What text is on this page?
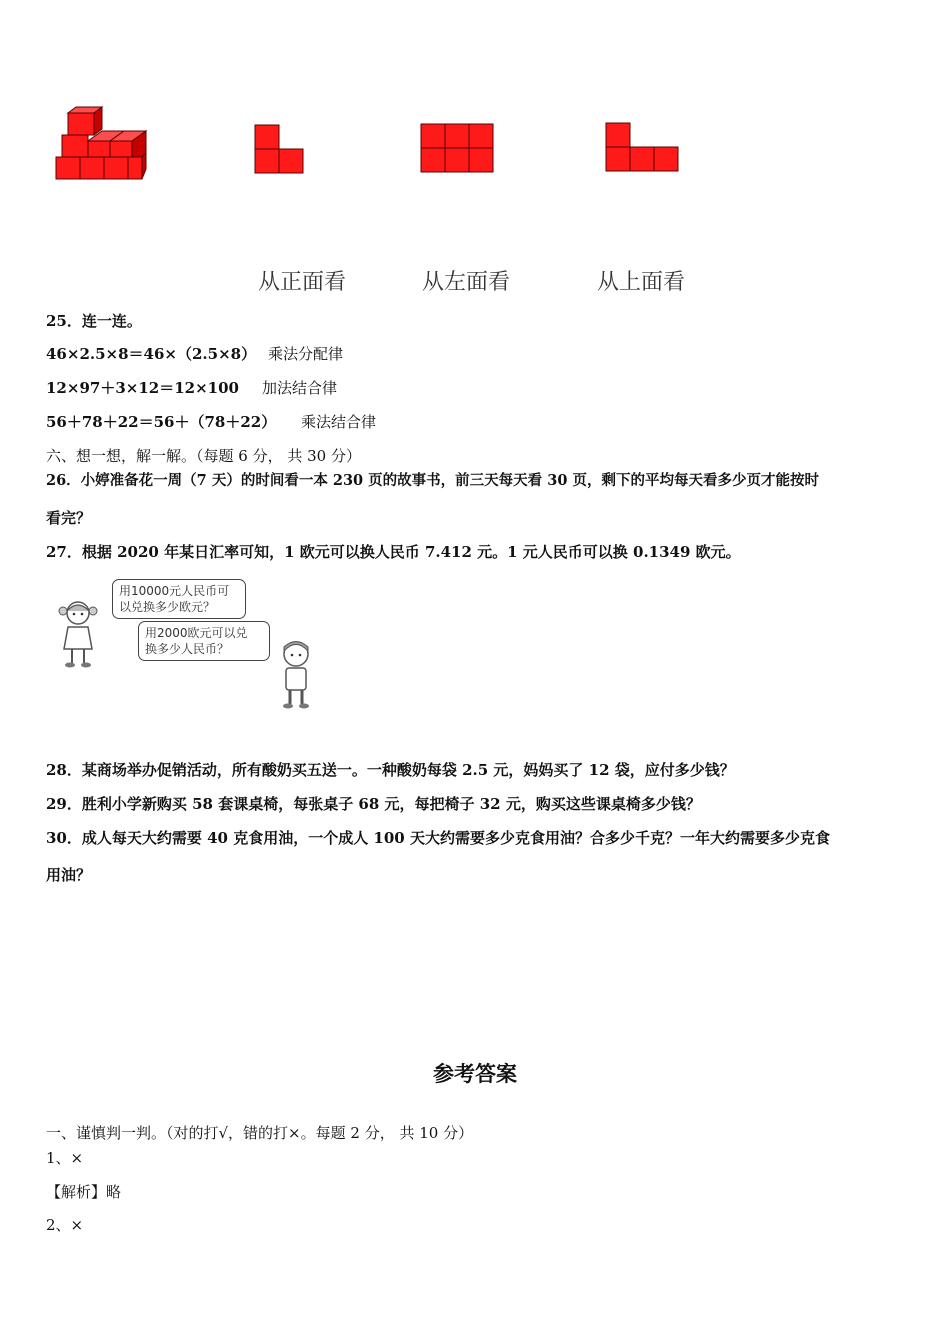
从正面看	从左面看	从上面看
25．连一连。
46×2.5×8＝46×（2.5×8） 乘法分配律
12×97＋3×12＝12×100 加法结合律
56＋78＋22＝56＋（78＋22） 乘法结合律
六、想一想，解一解。（每题 6 分， 共 30 分）
26．小婷准备花一周（7 天）的时间看一本 230 页的故事书，前三天每天看 30 页，剩下的平均每天看多少页才能按时
看完？
27．根据 2020 年某日汇率可知，1 欧元可以换人民币 7.412 元。1 元人民币可以换 0.1349 欧元。
用10000元人民币可
以兑换多少欧元？
用2000欧元可以兑
换多少人民币？
28．某商场举办促销活动，所有酸奶买五送一。一种酸奶每袋 2.5 元，妈妈买了 12 袋，应付多少钱？
29．胜利小学新购买 58 套课桌椅，每张桌子 68 元，每把椅子 32 元，购买这些课桌椅多少钱？
30．成人每天大约需要 40 克食用油，一个成人 100 天大约需要多少克食用油？合多少千克？一年大约需要多少克食
用油？
参考答案
一、谨慎判一判。（对的打√，错的打×。每题 2 分， 共 10 分）
1、×
【解析】略
2、×
